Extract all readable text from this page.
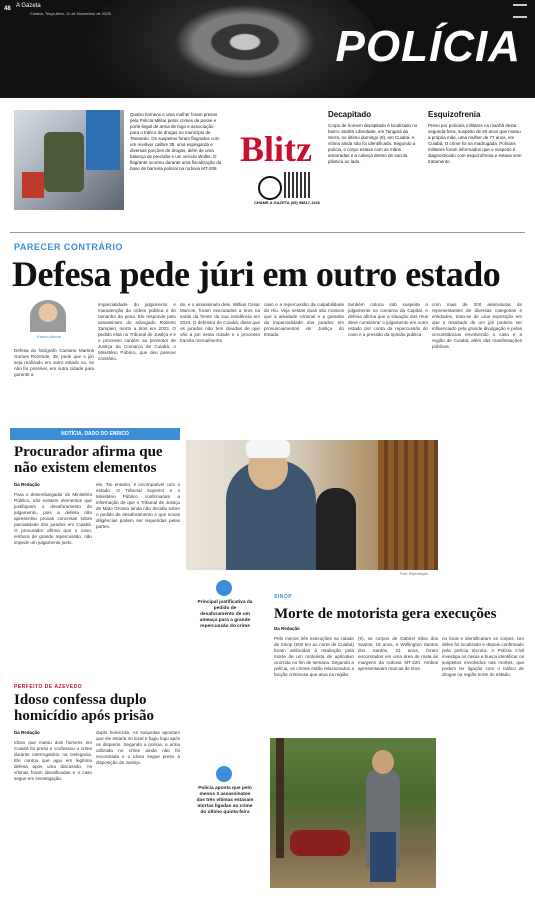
48 A Gazeta
Cuiabá, Terça-feira, 11 de Novembro de 2025
POLÍCIA
Quatro homens e uma mulher foram presos pela Polícia Militar pelos crimes de posse e porte ilegal de arma de fogo e associação para o tráfico de drogas no município de Tanaredo. Os suspeitos foram flagrados com um revólver calibre 38, uma espingarda e diversas porções de drogas, além de uma balança de precisão e um veículo Wolks. O flagrante ocorreu durante uma fiscalização da base de barreira policial na rodovia MT-208. Blitz
CHAME A GAZETA (65) 98817-1166
Decapitado	Esquizofrenia
Corpo de homem decapitado é localizado no bairro Jardim Liberdade, em Tangará da Serra, no último domingo (9), em Cuiabá. A vítima ainda não foi identificada. Segundo a polícia, o corpo estava com as mãos amarradas e a cabeça dentro de sacola plástica ao lado.
Preso por policiais militares na manhã desta segunda-feira, suspeito de 60 anos que matou a própria mãe, uma mulher de 77 anos, em Cuiabá. O crime foi na madrugada. Policiais militares foram informados que o suspeito é diagnosticado com esquizofrenia e estava sem tratamento.
PARECER CONTRÁRIO
Defesa pede júri em outro estado
Karina Ataíde
Defesa do fotógrafo Caetano Martins Gomes Rezende, 38, pede que o júri seja realizado em outro estado ou, se não for possível, em outra cidade para garantir a
imparcialidade do julgamento e manutenção da ordem pública e do tamanho da pena. Ele responde pelo assassinato do advogado Roberto Zampieri, morto a tiros em 2023. O pedido está no Tribunal de Justiça e é o processo contém ao promotor de Justiça da Comarca de Cuiabá, o Ministério Público, que deu parecer contrário.
de, e o assassinato dele, Willian César Marcon, foram executados a tiros na saída da frente da sua residência em 2023. O defensor de Cuiabá, disse que os jurados não tem dúvidas de que vão a júri nesta cidade e o processo tramita normalmente.
caso e a repercussão da culpabilidade do réu. Veja nestas duas são motivos que a atividade criminal e a garantia da imparcialidade dos jurados em pronunciamentos de Justiça do Estado.
também coloca sob suspeita a julgamento na comarca da Capital. A defesa afirma que a situação dos réus deve considerar o julgamento em outro estado por conta da repercussão do caso e a pressão da opinião pública.
com mais de 200 assinaturas de representantes de diversas categorias e entidades, trata-se de uma exposição em que o resultado de um júri poderia ser influenciado pela grande divulgação e pelas circunstâncias envolvendo o caso e a região de Cuiabá, além das manifestações públicas.
NOTÍCIA, DADO DO ENRICO
Procurador afirma que não existem elementos
Da Redação
Para o desembargador do Ministério Público, não existem elementos que justifiquem o desaforamento do julgamento, pois a defesa não apresentou provas concretas sobre parcialidade dos jurados em Cuiabá. O procurador afirma que o caso, embora de grande repercussão, não impede um julgamento justo.
ele, 'No entanto, é incompatível com o estado. O Tribunal Superior e o Ministério Público confirmaram a informação de que o Tribunal de Justiça de Mato Grosso ainda não decidiu sobre o pedido de desaforamento e que novas diligências podem ser requeridas pelas partes.
Foto: Reprodução
Principal justificativa da pedido de desaforamento de um ameaça para a grande repercussão do crime
SINOP
Morte de motorista gera execuções
Da Redação
Pelo menos três execuções na cidade de Sinop (500 km ao norte de Cuiabá) foram atribuídas à retaliação pela morte de um motorista de aplicativo ocorrida no fim de semana. Segundo a polícia, os crimes estão relacionados a facção criminosa que atua na região.
(9), os corpos de Gabriel Silva dos Santos, 18 anos, e Wellington Santos dos Santos, 21 anos, foram encontrados em uma área de mata às margens da rodovia MT-220. Ambos apresentavam marcas de tiros.
no local e identificaram os corpos. Um deles foi localizado e depois confirmado pela perícia técnica. A Polícia Civil investiga os casos e busca identificar os suspeitos envolvidos nas mortes, que podem ter ligação com o tráfico de drogas na região norte do estado.
PERFEITO DE AZEVEDO
Idoso confessa duplo homicídio após prisão
Da Redação
Idoso que matou dois homens em Cuiabá foi preso e confessou o crime durante interrogatório na Delegacia. Ele contou que agiu em legítima defesa após uma discussão. As vítimas foram identificadas e o caso segue em investigação.
duplo homicídio. As suspeitas apontam que ele estaria no local e fugiu logo após os disparos. Segundo a polícia, a arma utilizada no crime ainda não foi encontrada e o idoso segue preso à disposição da Justiça.
Polícia aponta que pelo menos 3 assassinatos das três vítimas estavam mortas ligadas ao crime do último quinta-feira
